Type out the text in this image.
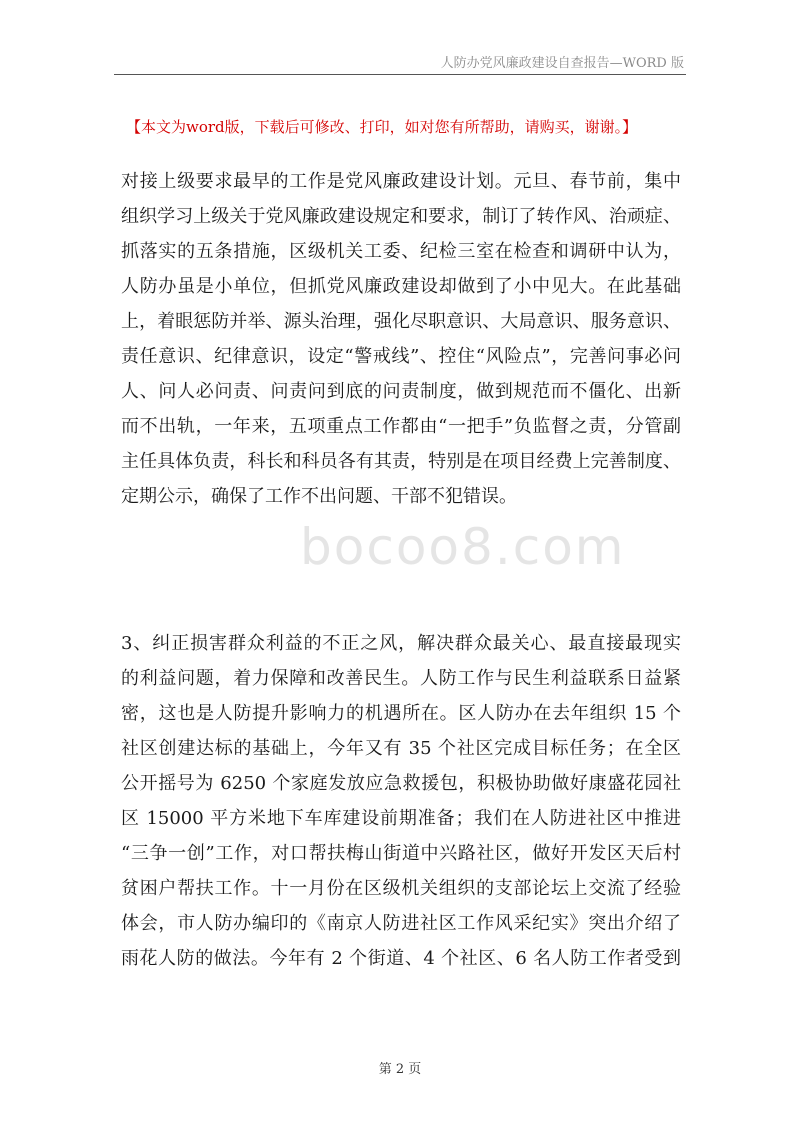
人防办党风廉政建设自查报告—WORD 版
【本文为word版，下载后可修改、打印，如对您有所帮助，请购买，谢谢。】
对接上级要求最早的工作是党风廉政建设计划。元旦、春节前，集中
组织学习上级关于党风廉政建设规定和要求，制订了转作风、治顽症、
抓落实的五条措施，区级机关工委、纪检三室在检查和调研中认为，
人防办虽是小单位，但抓党风廉政建设却做到了小中见大。在此基础
上，着眼惩防并举、源头治理，强化尽职意识、大局意识、服务意识、
责任意识、纪律意识，设定“警戒线”、控住“风险点”，完善问事必问
人、问人必问责、问责问到底的问责制度，做到规范而不僵化、出新
而不出轨，一年来，五项重点工作都由“一把手”负监督之责，分管副
主任具体负责，科长和科员各有其责，特别是在项目经费上完善制度、
定期公示，确保了工作不出问题、干部不犯错误。
bocoo8.com
3、纠正损害群众利益的不正之风，解决群众最关心、最直接最现实
的利益问题，着力保障和改善民生。人防工作与民生利益联系日益紧
密，这也是人防提升影响力的机遇所在。区人防办在去年组织 15 个
社区创建达标的基础上，今年又有 35 个社区完成目标任务；在全区
公开摇号为 6250 个家庭发放应急救援包，积极协助做好康盛花园社
区 15000 平方米地下车库建设前期准备；我们在人防进社区中推进
“三争一创”工作，对口帮扶梅山街道中兴路社区，做好开发区天后村
贫困户帮扶工作。十一月份在区级机关组织的支部论坛上交流了经验
体会，市人防办编印的《南京人防进社区工作风采纪实》突出介绍了
雨花人防的做法。今年有 2 个街道、4 个社区、6 名人防工作者受到
第 2 页
